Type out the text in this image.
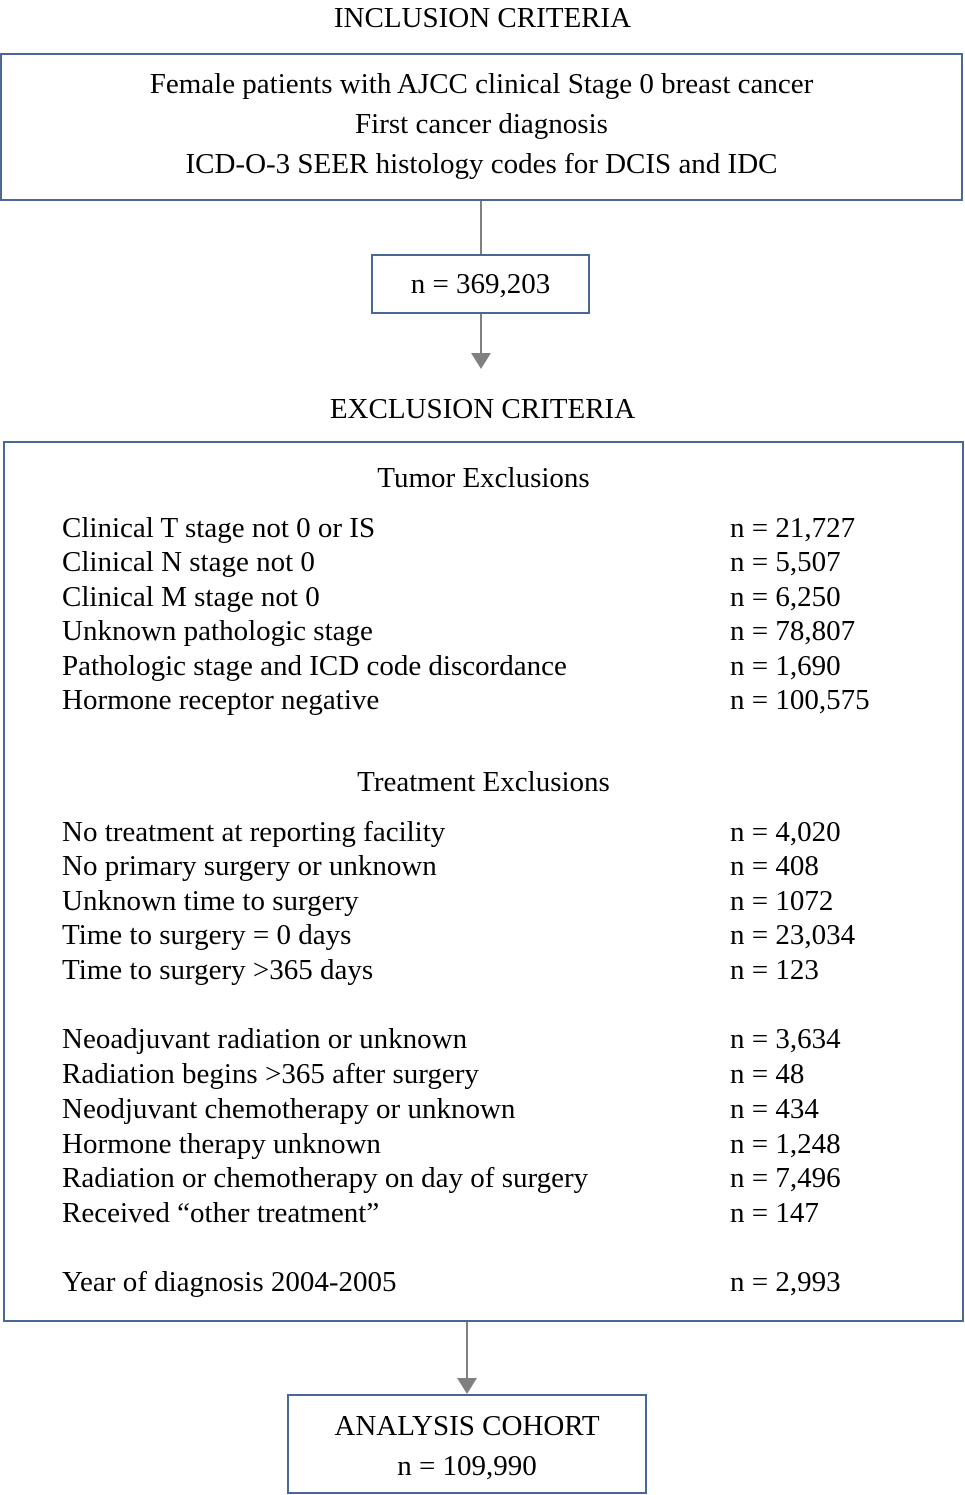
INCLUSION CRITERIA
Female patients with AJCC clinical Stage 0 breast cancer
First cancer diagnosis
ICD-O-3 SEER histology codes for DCIS and IDC
n = 369,203
EXCLUSION CRITERIA
Tumor Exclusions
Clinical T stage not 0 or IS	n = 21,727
Clinical N stage not 0	n = 5,507
Clinical M stage not 0	n = 6,250
Unknown pathologic stage	n = 78,807
Pathologic stage and ICD code discordance	n = 1,690
Hormone receptor negative	n = 100,575
Treatment Exclusions
No treatment at reporting facility	n = 4,020
No primary surgery or unknown	n = 408
Unknown time to surgery	n = 1072
Time to surgery = 0 days	n = 23,034
Time to surgery >365 days	n = 123
Neoadjuvant radiation or unknown	n = 3,634
Radiation begins >365 after surgery	n = 48
Neodjuvant chemotherapy or unknown	n = 434
Hormone therapy unknown	n = 1,248
Radiation or chemotherapy on day of surgery	n = 7,496
Received “other treatment”	n = 147
Year of diagnosis 2004-2005	n = 2,993
ANALYSIS COHORT
n = 109,990
